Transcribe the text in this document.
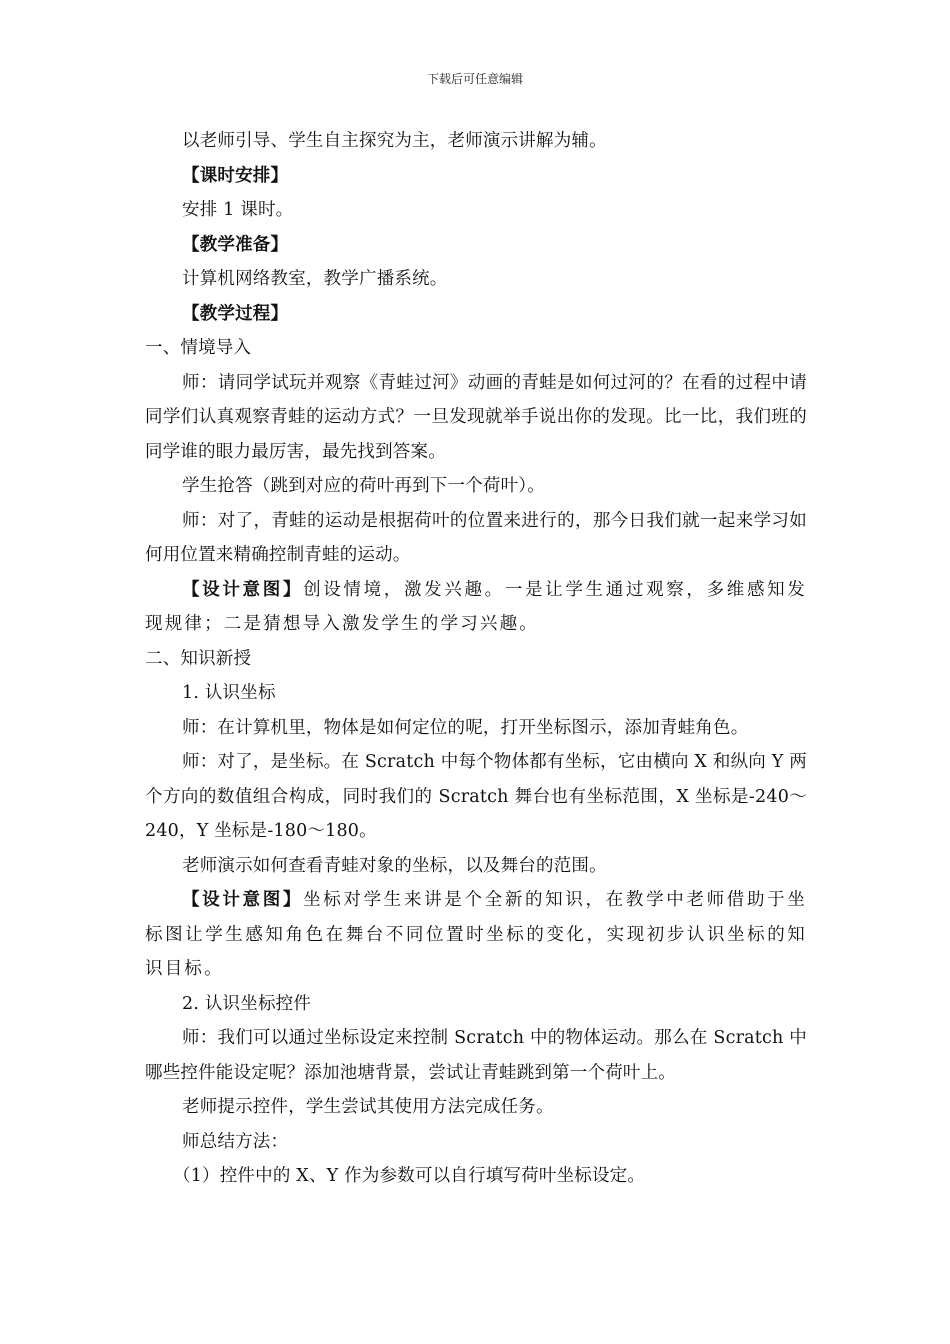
下载后可任意编辑

以老师引导、学生自主探究为主，老师演示讲解为辅。

【课时安排】

安排 1 课时。

【教学准备】

计算机网络教室，教学广播系统。

【教学过程】

一、情境导入

师：请同学试玩并观察《青蛙过河》动画的青蛙是如何过河的？在看的过程中请同学们认真观察青蛙的运动方式？一旦发现就举手说出你的发现。比一比，我们班的同学谁的眼力最厉害，最先找到答案。

学生抢答（跳到对应的荷叶再到下一个荷叶）。

师：对了，青蛙的运动是根据荷叶的位置来进行的，那今日我们就一起来学习如何用位置来精确控制青蛙的运动。

【设计意图】创设情境，激发兴趣。一是让学生通过观察，多维感知发现规律；二是猜想导入激发学生的学习兴趣。

二、知识新授

1. 认识坐标

师：在计算机里，物体是如何定位的呢，打开坐标图示，添加青蛙角色。

师：对了，是坐标。在 Scratch 中每个物体都有坐标，它由横向 X 和纵向 Y 两个方向的数值组合构成，同时我们的 Scratch 舞台也有坐标范围，X 坐标是-240～240，Y 坐标是-180～180。

老师演示如何查看青蛙对象的坐标，以及舞台的范围。

【设计意图】坐标对学生来讲是个全新的知识，在教学中老师借助于坐标图让学生感知角色在舞台不同位置时坐标的变化，实现初步认识坐标的知识目标。

2. 认识坐标控件

师：我们可以通过坐标设定来控制 Scratch 中的物体运动。那么在 Scratch 中哪些控件能设定呢？添加池塘背景，尝试让青蛙跳到第一个荷叶上。

老师提示控件，学生尝试其使用方法完成任务。

师总结方法：

（1）控件中的 X、Y 作为参数可以自行填写荷叶坐标设定。
